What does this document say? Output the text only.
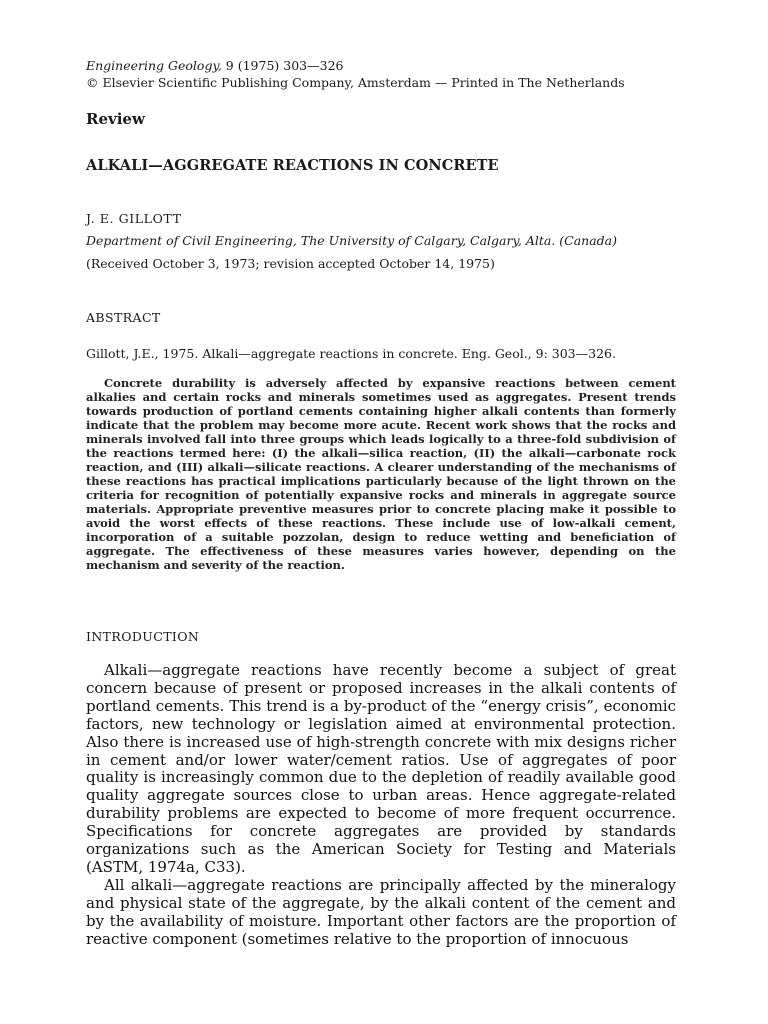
Engineering Geology, 9 (1975) 303—326
© Elsevier Scientific Publishing Company, Amsterdam — Printed in The Netherlands
Review
ALKALI—AGGREGATE REACTIONS IN CONCRETE
J. E. GILLOTT
Department of Civil Engineering, The University of Calgary, Calgary, Alta. (Canada)
(Received October 3, 1973; revision accepted October 14, 1975)
ABSTRACT
Gillott, J.E., 1975. Alkali—aggregate reactions in concrete. Eng. Geol., 9: 303—326.

Concrete durability is adversely affected by expansive reactions between cement alkalies and certain rocks and minerals sometimes used as aggregates. Present trends towards production of portland cements containing higher alkali contents than formerly indicate that the problem may become more acute. Recent work shows that the rocks and minerals involved fall into three groups which leads logically to a three-fold subdivision of the reactions termed here: (I) the alkali—silica reaction, (II) the alkali—carbonate rock reaction, and (III) alkali—silicate reactions. A clearer understanding of the mechanisms of these reactions has practical implications particularly because of the light thrown on the criteria for recognition of potentially expansive rocks and minerals in aggregate source materials. Appropriate preventive measures prior to concrete placing make it possible to avoid the worst effects of these reactions. These include use of low-alkali cement, incorporation of a suitable pozzolan, design to reduce wetting and beneficiation of aggregate. The effectiveness of these measures varies however, depending on the mechanism and severity of the reaction.

INTRODUCTION

Alkali—aggregate reactions have recently become a subject of great concern because of present or proposed increases in the alkali contents of portland cements. This trend is a by-product of the “energy crisis”, economic factors, new technology or legislation aimed at environmental protection. Also there is increased use of high-strength concrete with mix designs richer in cement and/or lower water/cement ratios. Use of aggregates of poor quality is increasingly common due to the depletion of readily available good quality aggregate sources close to urban areas. Hence aggregate-related durability problems are expected to become of more frequent occurrence. Specifications for concrete aggregates are provided by standards organizations such as the American Society for Testing and Materials (ASTM, 1974a, C33).

All alkali—aggregate reactions are principally affected by the mineralogy and physical state of the aggregate, by the alkali content of the cement and by the availability of moisture. Important other factors are the proportion of reactive component (sometimes relative to the proportion of innocuous
